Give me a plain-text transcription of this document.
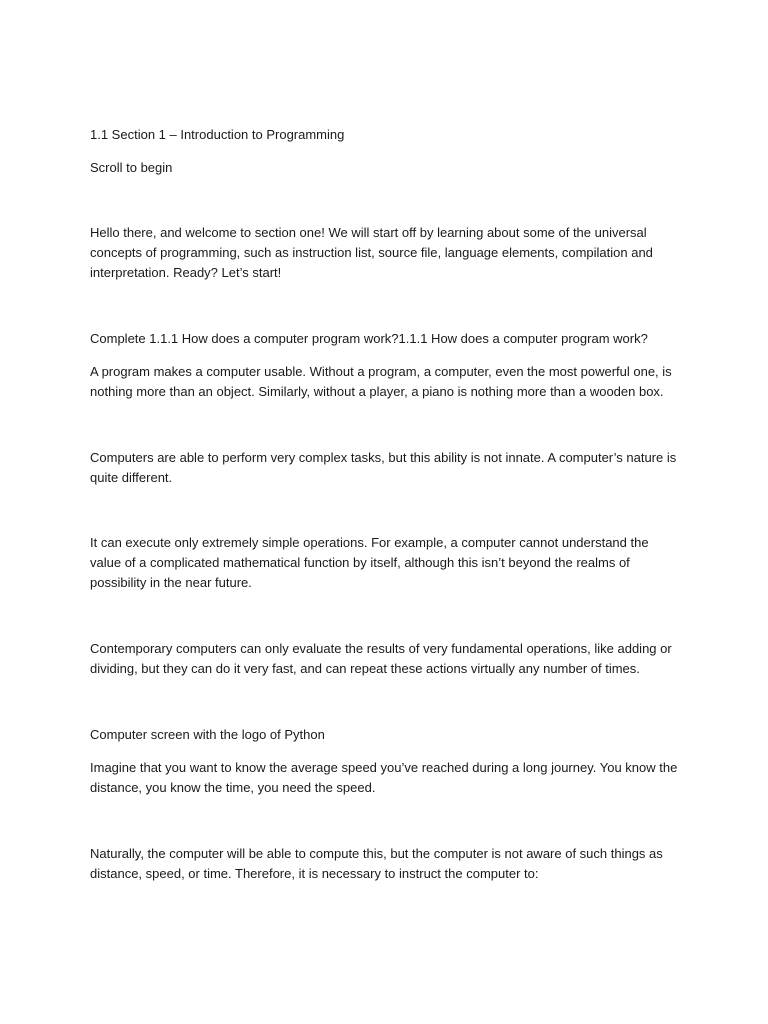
1.1 Section 1 – Introduction to Programming

Scroll to begin

Hello there, and welcome to section one! We will start off by learning about some of the universal concepts of programming, such as instruction list, source file, language elements, compilation and interpretation. Ready? Let’s start!

Complete 1.1.1 How does a computer program work?1.1.1 How does a computer program work?

A program makes a computer usable. Without a program, a computer, even the most powerful one, is nothing more than an object. Similarly, without a player, a piano is nothing more than a wooden box.

Computers are able to perform very complex tasks, but this ability is not innate. A computer’s nature is quite different.

It can execute only extremely simple operations. For example, a computer cannot understand the value of a complicated mathematical function by itself, although this isn’t beyond the realms of possibility in the near future.

Contemporary computers can only evaluate the results of very fundamental operations, like adding or dividing, but they can do it very fast, and can repeat these actions virtually any number of times.

Computer screen with the logo of Python

Imagine that you want to know the average speed you’ve reached during a long journey. You know the distance, you know the time, you need the speed.

Naturally, the computer will be able to compute this, but the computer is not aware of such things as distance, speed, or time. Therefore, it is necessary to instruct the computer to:
